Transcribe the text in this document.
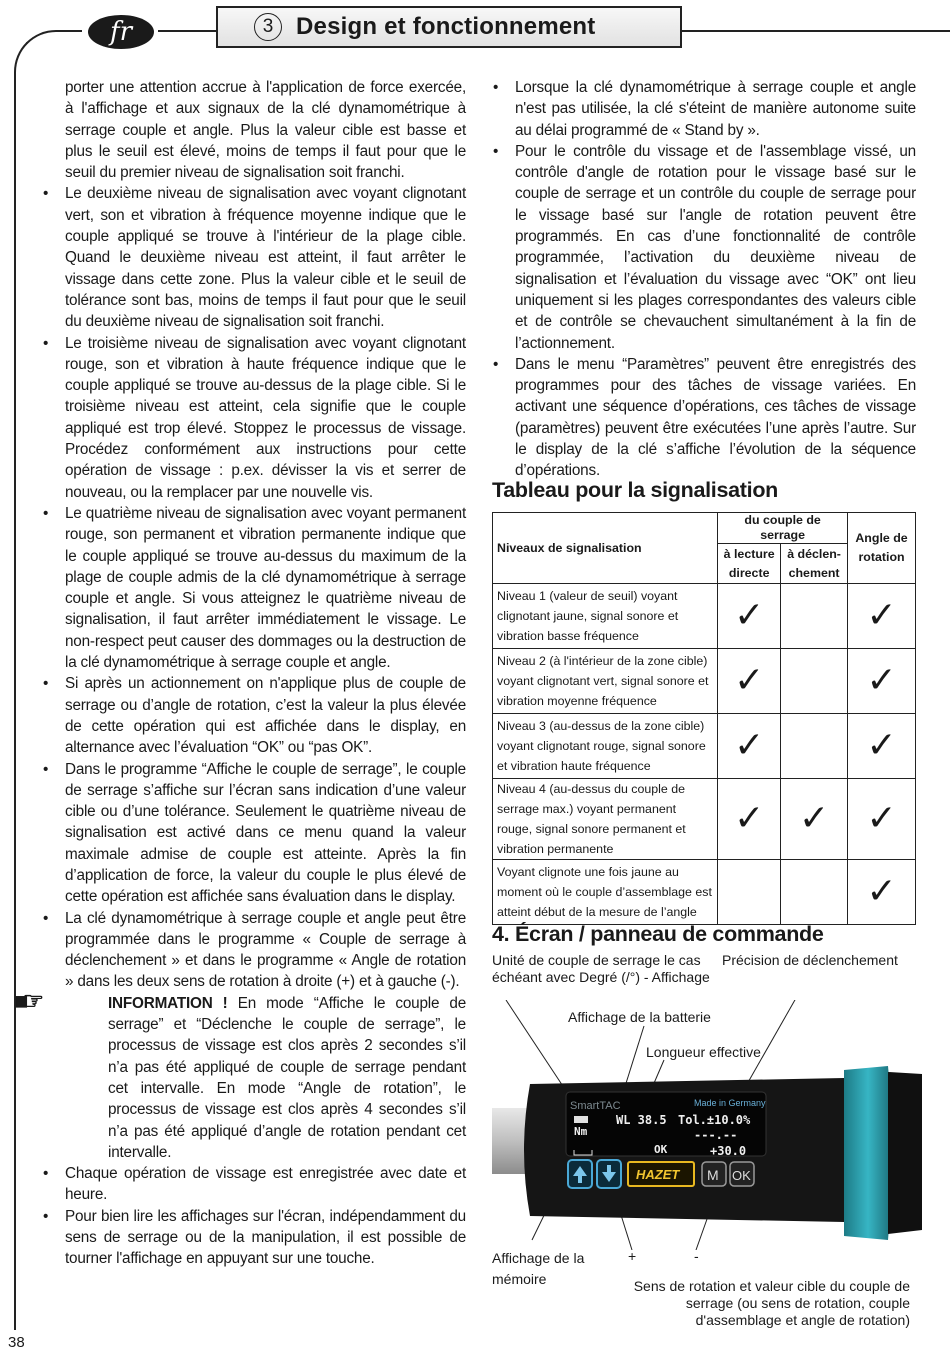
fr	3 Design et fonctionnement

porter une attention accrue à l'application de force exercée, à l'affichage et aux signaux de la clé dynamométrique à serrage couple et angle. Plus la valeur cible est basse et plus le seuil est élevé, moins de temps il faut pour que le seuil du premier niveau de signalisation soit franchi.

• Le deuxième niveau de signalisation avec voyant clignotant vert, son et vibration à fréquence moyenne indique que le couple appliqué se trouve à l'intérieur de la plage cible. Quand le deuxième niveau est atteint, il faut arrêter le vissage dans cette zone. Plus la valeur cible et le seuil de tolérance sont bas, moins de temps il faut pour que le seuil du deuxième niveau de signalisation soit franchi.

• Le troisième niveau de signalisation avec voyant clignotant rouge, son et vibration à haute fréquence indique que le couple appliqué se trouve au-dessus de la plage cible. Si le troisième niveau est atteint, cela signifie que le couple appliqué est trop élevé. Stoppez le processus de vissage. Procédez conformément aux instructions pour cette opération de vissage : p.ex. dévisser la vis et serrer de nouveau, ou la remplacer par une nouvelle vis.

• Le quatrième niveau de signalisation avec voyant permanent rouge, son permanent et vibration permanente indique que le couple appliqué se trouve au-dessus du maximum de la plage de couple admis de la clé dynamométrique à serrage couple et angle. Si vous atteignez le quatrième niveau de signalisation, il faut arrêter immédiatement le vissage. Le non-respect peut causer des dommages ou la destruction de la clé dynamométrique à serrage couple et angle.

• Si après un actionnement on n'applique plus de couple de serrage ou d’angle de rotation, c’est la valeur la plus élevée de cette opération qui est affichée dans le display, en alternance avec l’évaluation “OK” ou “pas OK”.

• Dans le programme “Affiche le couple de serrage”, le couple de serrage s’affiche sur l’écran sans indication d’une valeur cible ou d’une tolérance. Seulement le quatrième niveau de signalisation est activé dans ce menu quand la valeur maximale admise de couple est atteinte. Après la fin d’application de force, la valeur du couple le plus élevé de cette opération est affichée sans évaluation dans le display.

• La clé dynamométrique à serrage couple et angle peut être programmée dans le programme « Couple de serrage à déclenchement » et dans le programme « Angle de rotation » dans les deux sens de rotation à droite (+) et à gauche (-).

■☞	INFORMATION ! En mode “Affiche le couple de serrage” et “Déclenche le couple de serrage”, le processus de vissage est clos après 2 secondes s’il n’a pas été appliqué de couple de serrage pendant cet intervalle. En mode “Angle de rotation”, le processus de vissage est clos après 4 secondes s’il n’a pas été appliqué d’angle de rotation pendant cet intervalle.

• Chaque opération de vissage est enregistrée avec date et heure.

• Pour bien lire les affichages sur l'écran, indépendamment du sens de serrage ou de la manipulation, il est possible de tourner l'affichage en appuyant sur une touche.

• Lorsque la clé dynamométrique à serrage couple et angle n'est pas utilisée, la clé s'éteint de manière autonome suite au délai programmé de « Stand by ».

• Pour le contrôle du vissage et de l'assemblage vissé, un contrôle d'angle de rotation pour le vissage basé sur le couple de serrage et un contrôle du couple de serrage pour le vissage basé sur l'angle de rotation peuvent être programmés. En cas d’une fonctionnalité de contrôle programmée, l’activation du deuxième niveau de signalisation et l’évaluation du vissage avec “OK” ont lieu uniquement si les plages correspondantes des valeurs cible et de contrôle se chevauchent simultanément à la fin de l’actionnement.

• Dans le menu “Paramètres” peuvent être enregistrés des programmes pour des tâches de vissage variées. En activant une séquence d’opérations, ces tâches de vissage (paramètres) peuvent être exécutées l’une après l’autre. Sur le display de la clé s’affiche l’évolution de la séquence d’opérations.

Tableau pour la signalisation
Niveaux de signalisation	du couple de serrage		Angle de rotation
	à lecture directe	à déclen-chement	
Niveau 1 (valeur de seuil) voyant clignotant jaune, signal sonore et vibration basse fréquence	✓		✓
Niveau 2 (à l'intérieur de la zone cible) voyant clignotant vert, signal sonore et vibration moyenne fréquence	✓		✓
Niveau 3 (au-dessus de la zone cible) voyant clignotant rouge, signal sonore et vibration haute fréquence	✓		✓
Niveau 4 (au-dessus du couple de serrage max.) voyant permanent rouge, signal sonore permanent et vibration permanente	✓	✓	✓
Voyant clignote une fois jaune au moment où le couple d’assemblage est atteint début de la mesure de l’angle			✓
4. Écran / panneau de commande
Unité de couple de serrage le cas échéant avec Degré (/°) - Affichage
Précision de déclenchement
Affichage de la batterie
Longueur effective
Affichage de la mémoire
+	-
Sens de rotation et valeur cible du couple de serrage (ou sens de rotation, couple d'assemblage et angle de rotation)
SmartTAC	Made in Germany
Nm
WL 38.5 Tol.±10.0%
---.--
OK	+30.0
HAZET M OK
38
